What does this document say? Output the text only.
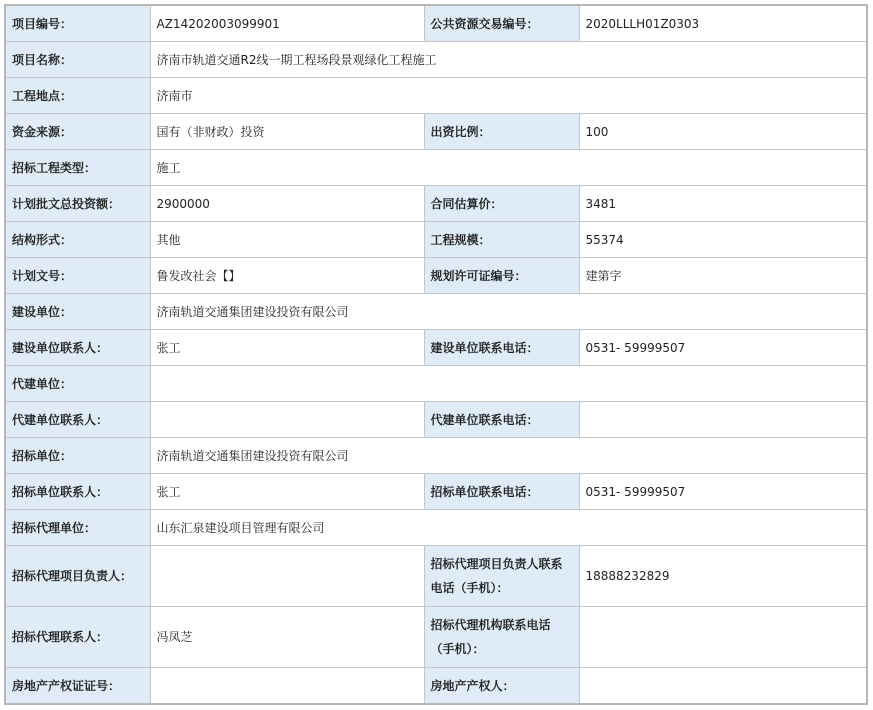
项目编号：	AZ14202003099901	公共资源交易编号：	2020LLLH01Z0303
项目名称：	济南市轨道交通R2线一期工程场段景观绿化工程施工		
工程地点：	济南市		
资金来源：	国有（非财政）投资	出资比例：	100
招标工程类型：	施工		
计划批文总投资额：	2900000	合同估算价：	3481
结构形式：	其他	工程规模：	55374
计划文号：	鲁发改社会【】	规划许可证编号：	建第字
建设单位：	济南轨道交通集团建设投资有限公司		
建设单位联系人：	张工	建设单位联系电话：	0531- 59999507
代建单位：			
代建单位联系人：		代建单位联系电话：	
招标单位：	济南轨道交通集团建设投资有限公司		
招标单位联系人：	张工	招标单位联系电话：	0531- 59999507
招标代理单位：	山东汇泉建设项目管理有限公司		
招标代理项目负责人：		招标代理项目负责人联系电话（手机）：	18888232829
招标代理联系人：	冯凤芝	招标代理机构联系电话（手机）：	
房地产产权证证号：		房地产产权人：	
